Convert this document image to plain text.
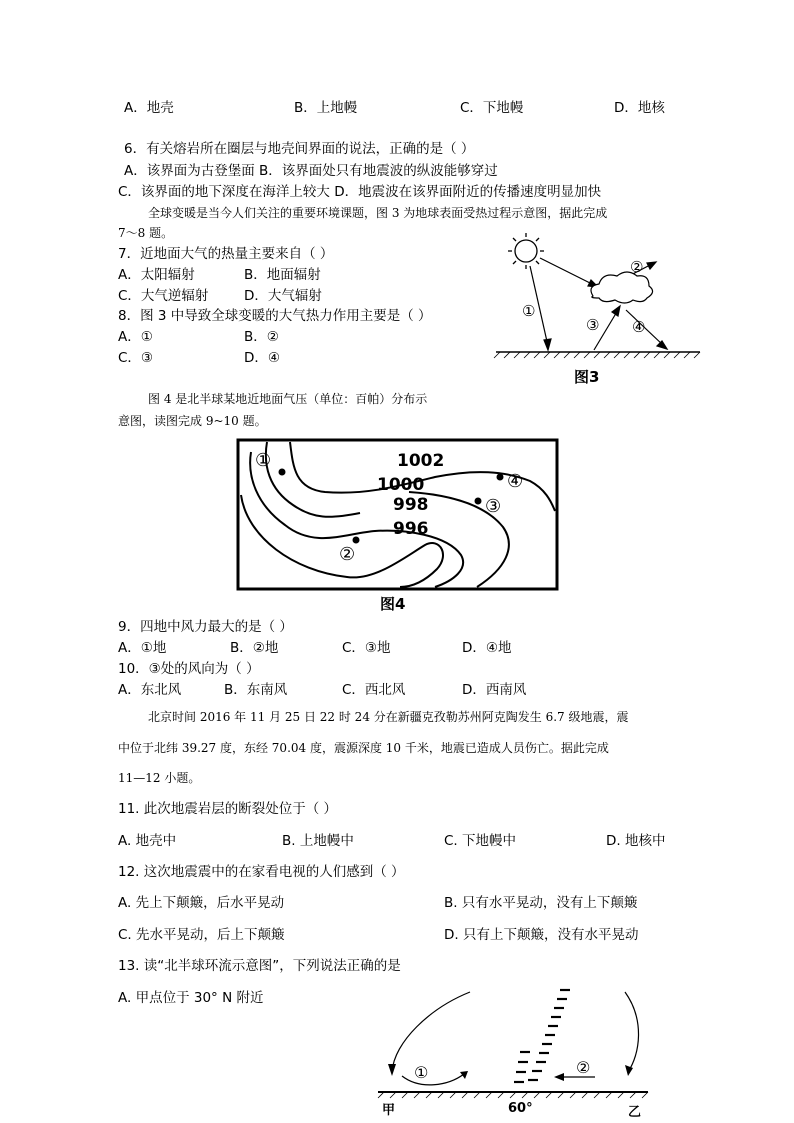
A．地壳	B．上地幔	C．下地幔	D．地核
6．有关熔岩所在圈层与地壳间界面的说法，正确的是（ ）
A．该界面为古登堡面 B．该界面处只有地震波的纵波能够穿过
C．该界面的地下深度在海洋上较大 D．地震波在该界面附近的传播速度明显加快
全球变暖是当今人们关注的重要环境课题，图 3 为地球表面受热过程示意图，据此完成
7～8 题。
7．近地面大气的热量主要来自（ ）
A．太阳辐射	B．地面辐射
C．大气逆辐射	D．大气辐射
8．图 3 中导致全球变暖的大气热力作用主要是（ ）
A．①	B．②
C．③	D．④
①
②
③ ④
图3
图 4 是北半球某地近地面气压（单位：百帕）分布示
意图，读图完成 9~10 题。
1002
1000
998
996
①
②
③
④
图4
9．四地中风力最大的是（ ）
A．①地	B．②地	C．③地	D．④地
10．③处的风向为（ ）
A．东北风	B．东南风	C．西北风	D．西南风
北京时间 2016 年 11 月 25 日 22 时 24 分在新疆克孜勒苏州阿克陶发生 6.7 级地震，震
中位于北纬 39.27 度，东经 70.04 度，震源深度 10 千米，地震已造成人员伤亡。据此完成
11—12 小题。
11. 此次地震岩层的断裂处位于（ ）
A. 地壳中	B. 上地幔中	C. 下地幔中	D. 地核中
12. 这次地震震中的在家看电视的人们感到（ ）
A. 先上下颠簸，后水平晃动	B. 只有水平晃动，没有上下颠簸
C. 先水平晃动，后上下颠簸	D. 只有上下颠簸，没有水平晃动
13. 读“北半球环流示意图”，下列说法正确的是
A. 甲点位于 30° N 附近
①	②
甲	60°	乙
